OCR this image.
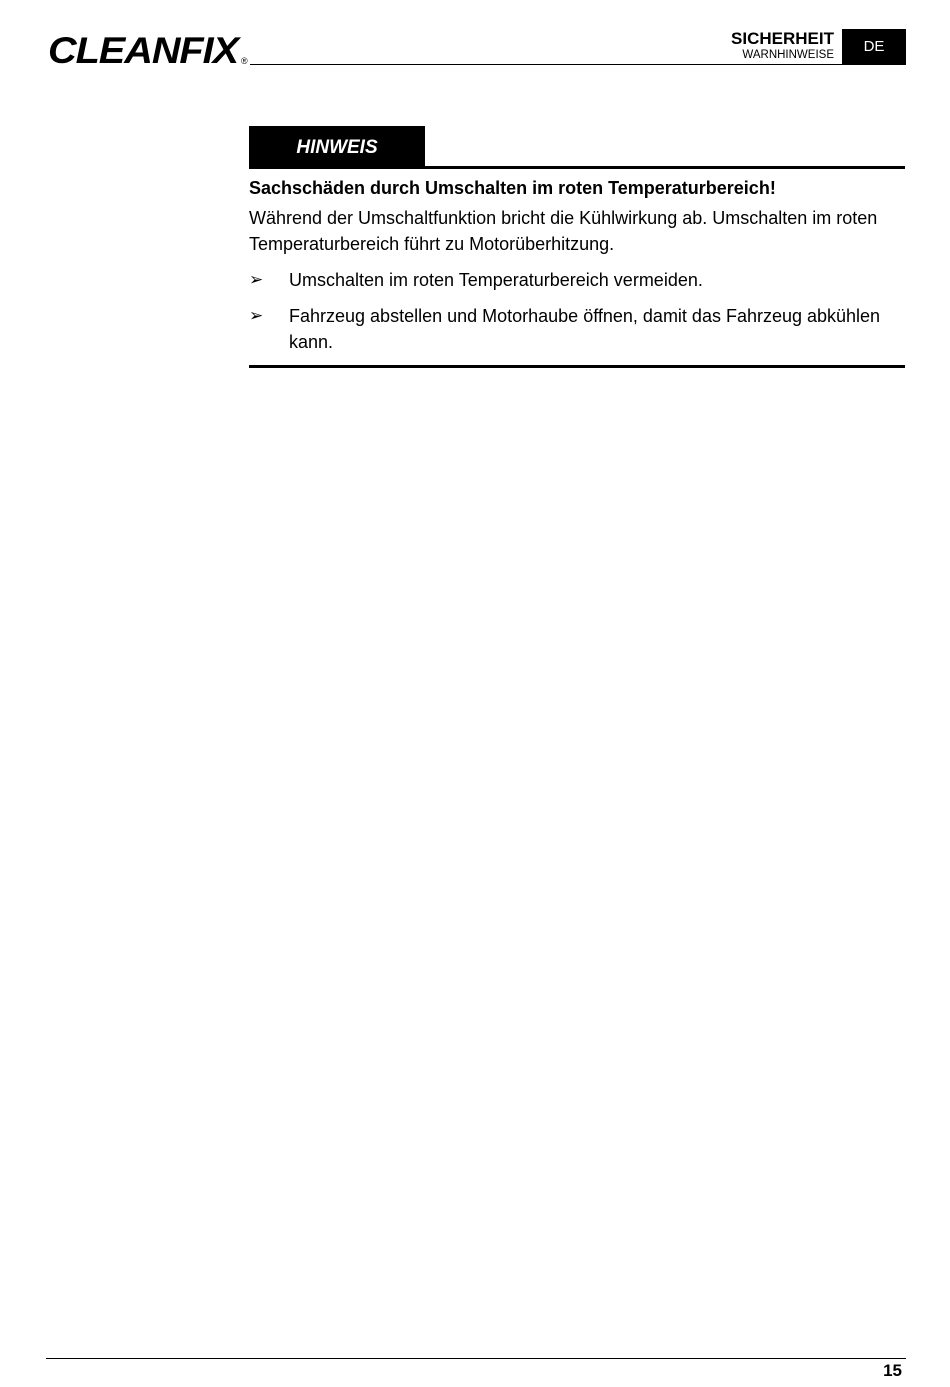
CLEANFIX ®
SICHERHEIT
WARNHINWEISE	DE
HINWEIS
Sachschäden durch Umschalten im roten Temperaturbereich!
Während der Umschaltfunktion bricht die Kühlwirkung ab. Umschalten im roten Temperaturbereich führt zu Motorüberhitzung.
➢ Umschalten im roten Temperaturbereich vermeiden.
➢ Fahrzeug abstellen und Motorhaube öffnen, damit das Fahrzeug abkühlen kann.
15
